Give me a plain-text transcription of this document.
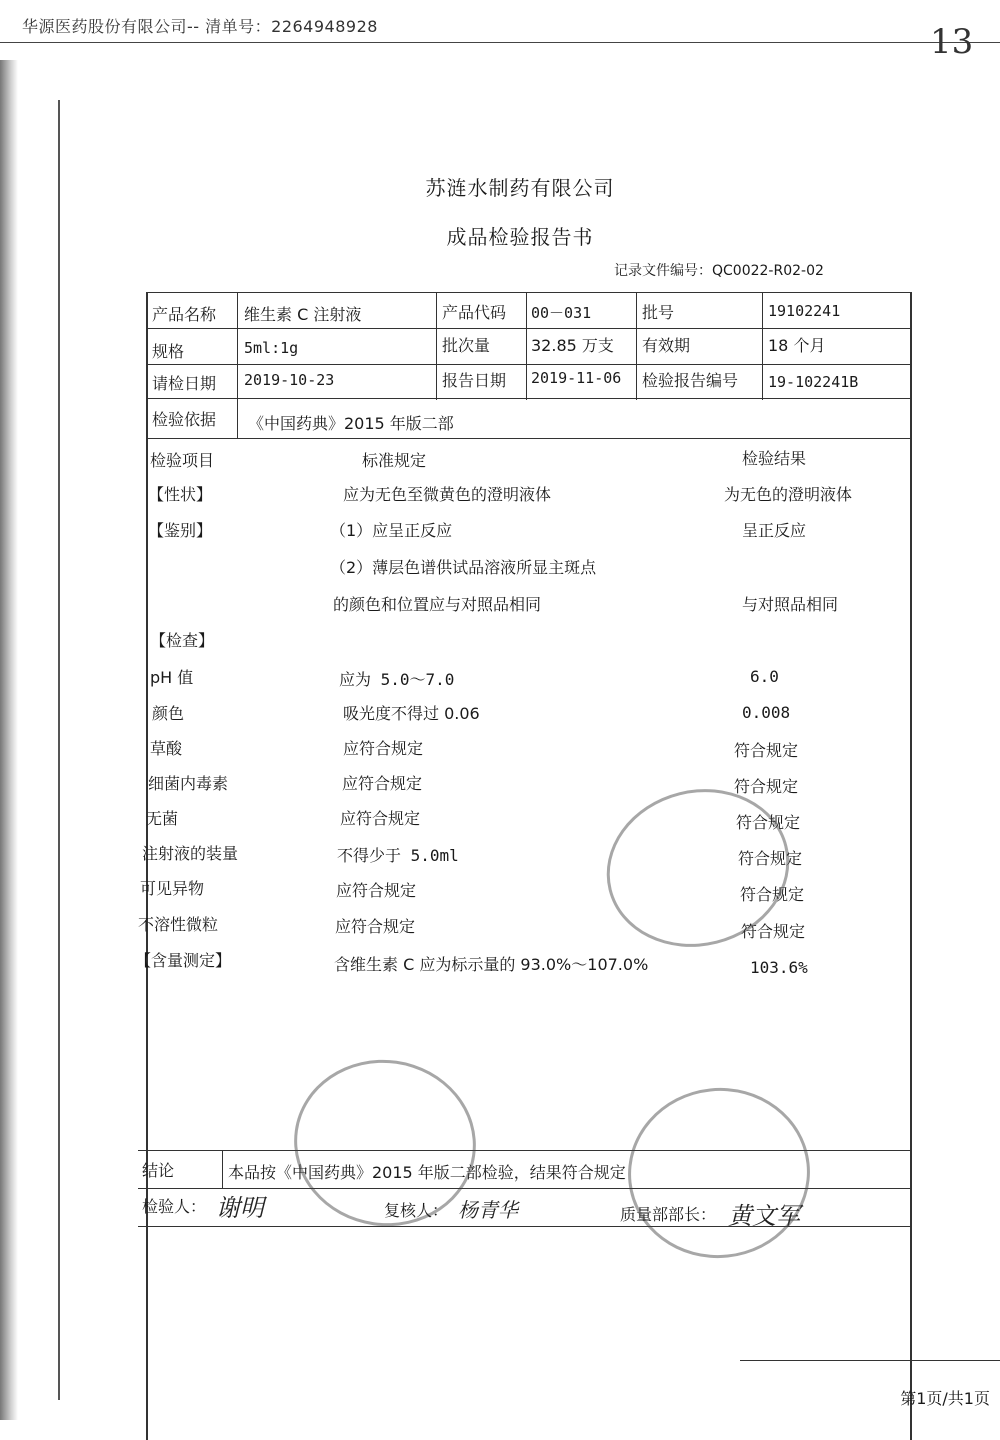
华源医药股份有限公司-- 清单号：2264948928	13
苏涟水制药有限公司
成品检验报告书
记录文件编号：QC0022-R02-02
产品名称 维生素 C 注射液	产品代码 00－031	批号	19102241
规格	5ml:1g	批次量	32.85 万支 有效期	18 个月
请检日期 2019-10-23	报告日期 2019-11-06 检验报告编号 19-102241B
检验依据 《中国药典》2015 年版二部
检验项目	标准规定	检验结果
【性状】	应为无色至微黄色的澄明液体	为无色的澄明液体
【鉴别】	（1）应呈正反应	呈正反应
（2）薄层色谱供试品溶液所显主斑点
的颜色和位置应与对照品相同	与对照品相同
【检查】
pH 值	应为 5.0～7.0	6.0
颜色	吸光度不得过 0.06	0.008
草酸	应符合规定	符合规定
细菌内毒素	应符合规定	符合规定
无菌	应符合规定	符合规定
注射液的装量	不得少于 5.0ml	符合规定
可见异物	应符合规定	符合规定
不溶性微粒	应符合规定	符合规定
【含量测定】	含维生素 C 应为标示量的 93.0%～107.0%	103.6%
结论	本品按《中国药典》2015 年版二部检验，结果符合规定
检验人： 谢明	复核人： 杨青华	质量部部长： 黄文军
第1页/共1页
